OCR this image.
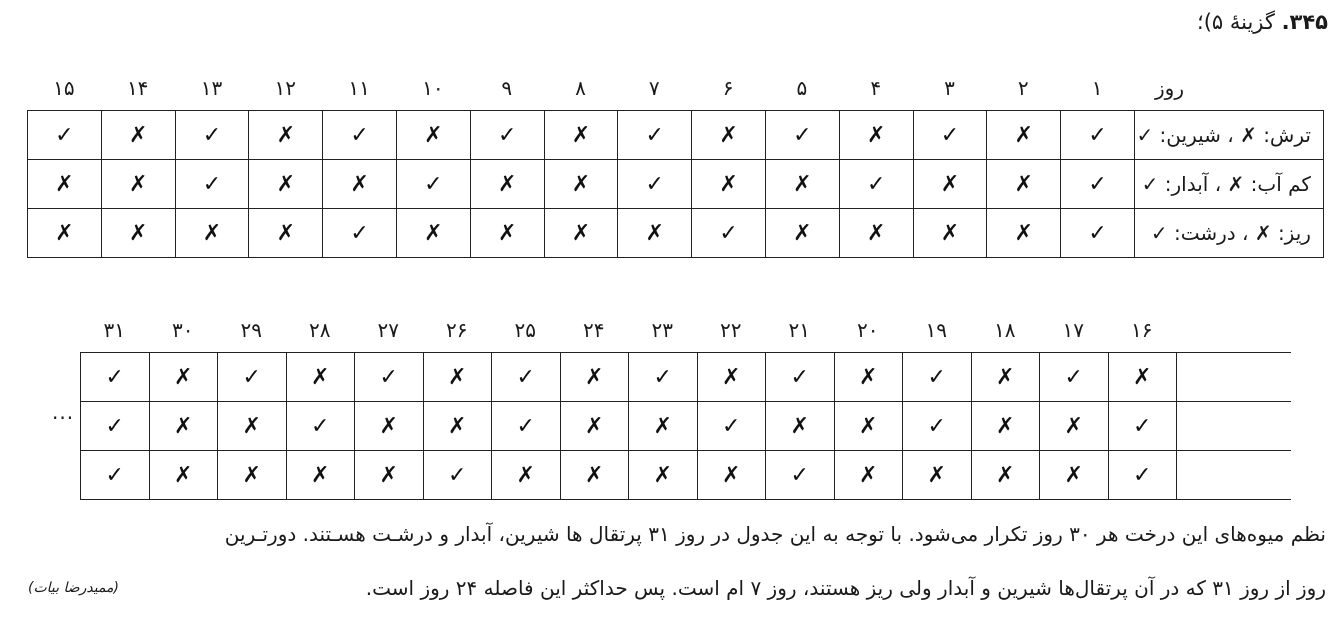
۳۴۵. گزینهٔ ۵)؛
۱۵	۱۴	۱۳	۱۲	۱۱	۱۰	۹	۸	۷	۶	۵	۴	۳	۲	۱	روز
✓	✗	✓	✗	✓	✗	✓	✗	✓	✗	✓	✗	✓	✗	✓	ترش: ✗ ، شیرین: ✓
✗	✗	✓	✗	✗	✓	✗	✗	✓	✗	✗	✓	✗	✗	✓	کم آب: ✗ ، آبدار: ✓
✗	✗	✗	✗	✓	✗	✗	✗	✗	✓	✗	✗	✗	✗	✓	ریز: ✗ ، درشت: ✓
۳۱	۳۰	۲۹	۲۸	۲۷	۲۶	۲۵	۲۴	۲۳	۲۲	۲۱	۲۰	۱۹	۱۸	۱۷	۱۶
✓	✗	✓	✗	✓	✗	✓	✗	✓	✗	✓	✗	✓	✗	✓	✗	
✓	✗	✗	✓	✗	✗	✓	✗	✗	✓	✗	✗	✓	✗	✗	✓	
✓	✗	✗	✗	✗	✓	✗	✗	✗	✗	✓	✗	✗	✗	✗	✓	
...
نظم میوه‌های این درخت هر ۳۰ روز تکرار می‌شود. با توجه به این جدول در روز ۳۱ پرتقال ها شیرین، آبدار و درشـت هسـتند. دورتـرین
روز از روز ۳۱ که در آن پرتقال‌ها شیرین و آبدار ولی ریز هستند، روز ۷ ام است. پس حداکثر این فاصله ۲۴ روز است.
(ممیدرضا بیات)
